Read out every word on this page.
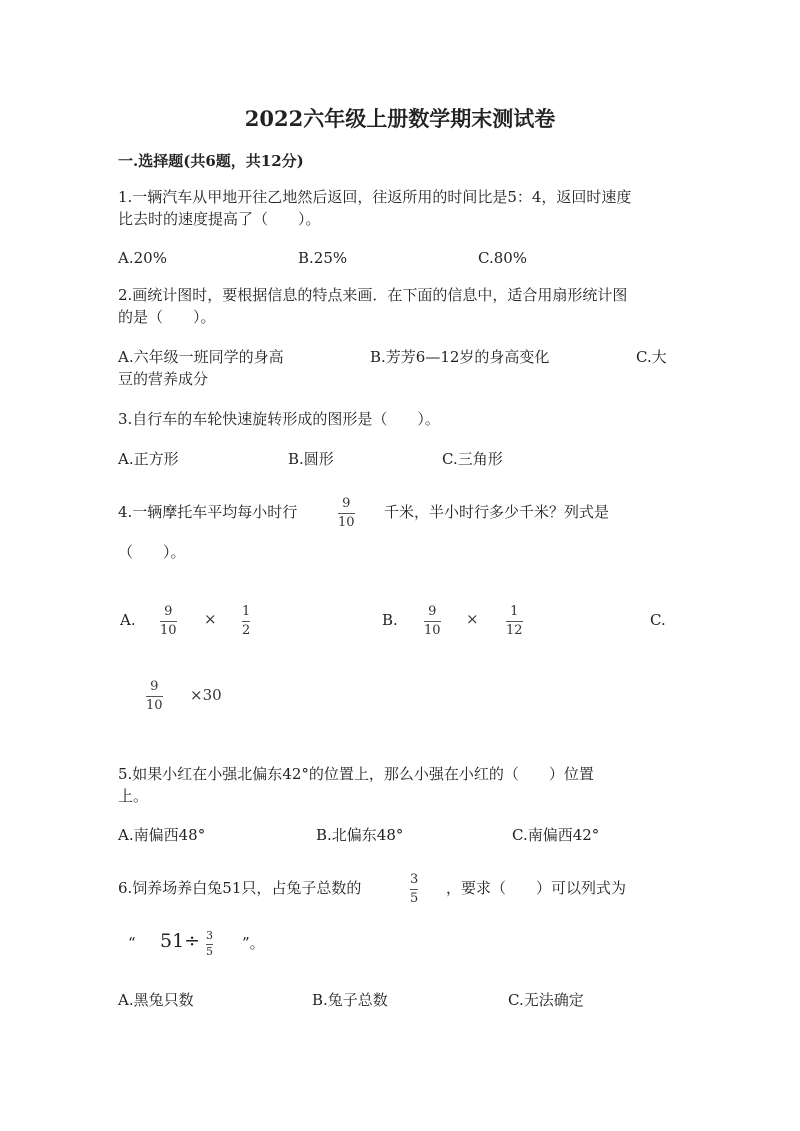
2022六年级上册数学期末测试卷
一.选择题(共6题，共12分)
1.一辆汽车从甲地开往乙地然后返回，往返所用的时间比是5：4，返回时速度
比去时的速度提高了（　　）。
A.20%	B.25%	C.80%
2.画统计图时，要根据信息的特点来画．在下面的信息中，适合用扇形统计图
的是（　　）。
A.六年级一班同学的身高	B.芳芳6—12岁的身高变化	C.大
豆的营养成分
3.自行车的车轮快速旋转形成的图形是（　　）。
A.正方形	B.圆形	C.三角形
4.一辆摩托车平均每小时行	9
10
千米，半小时行多少千米？列式是
（　　）。
A. 9
10
× 1
2
B. 9
10
× 1
12
C.
9
10
×30
5.如果小红在小强北偏东42°的位置上，那么小强在小红的（　　）位置
上。
A.南偏西48°	B.北偏东48°	C.南偏西42°
6.饲养场养白兔51只，占兔子总数的	3
5
，要求（　　）可以列式为
“ 51÷ 3
5 ”。
A.黑兔只数	B.兔子总数	C.无法确定
